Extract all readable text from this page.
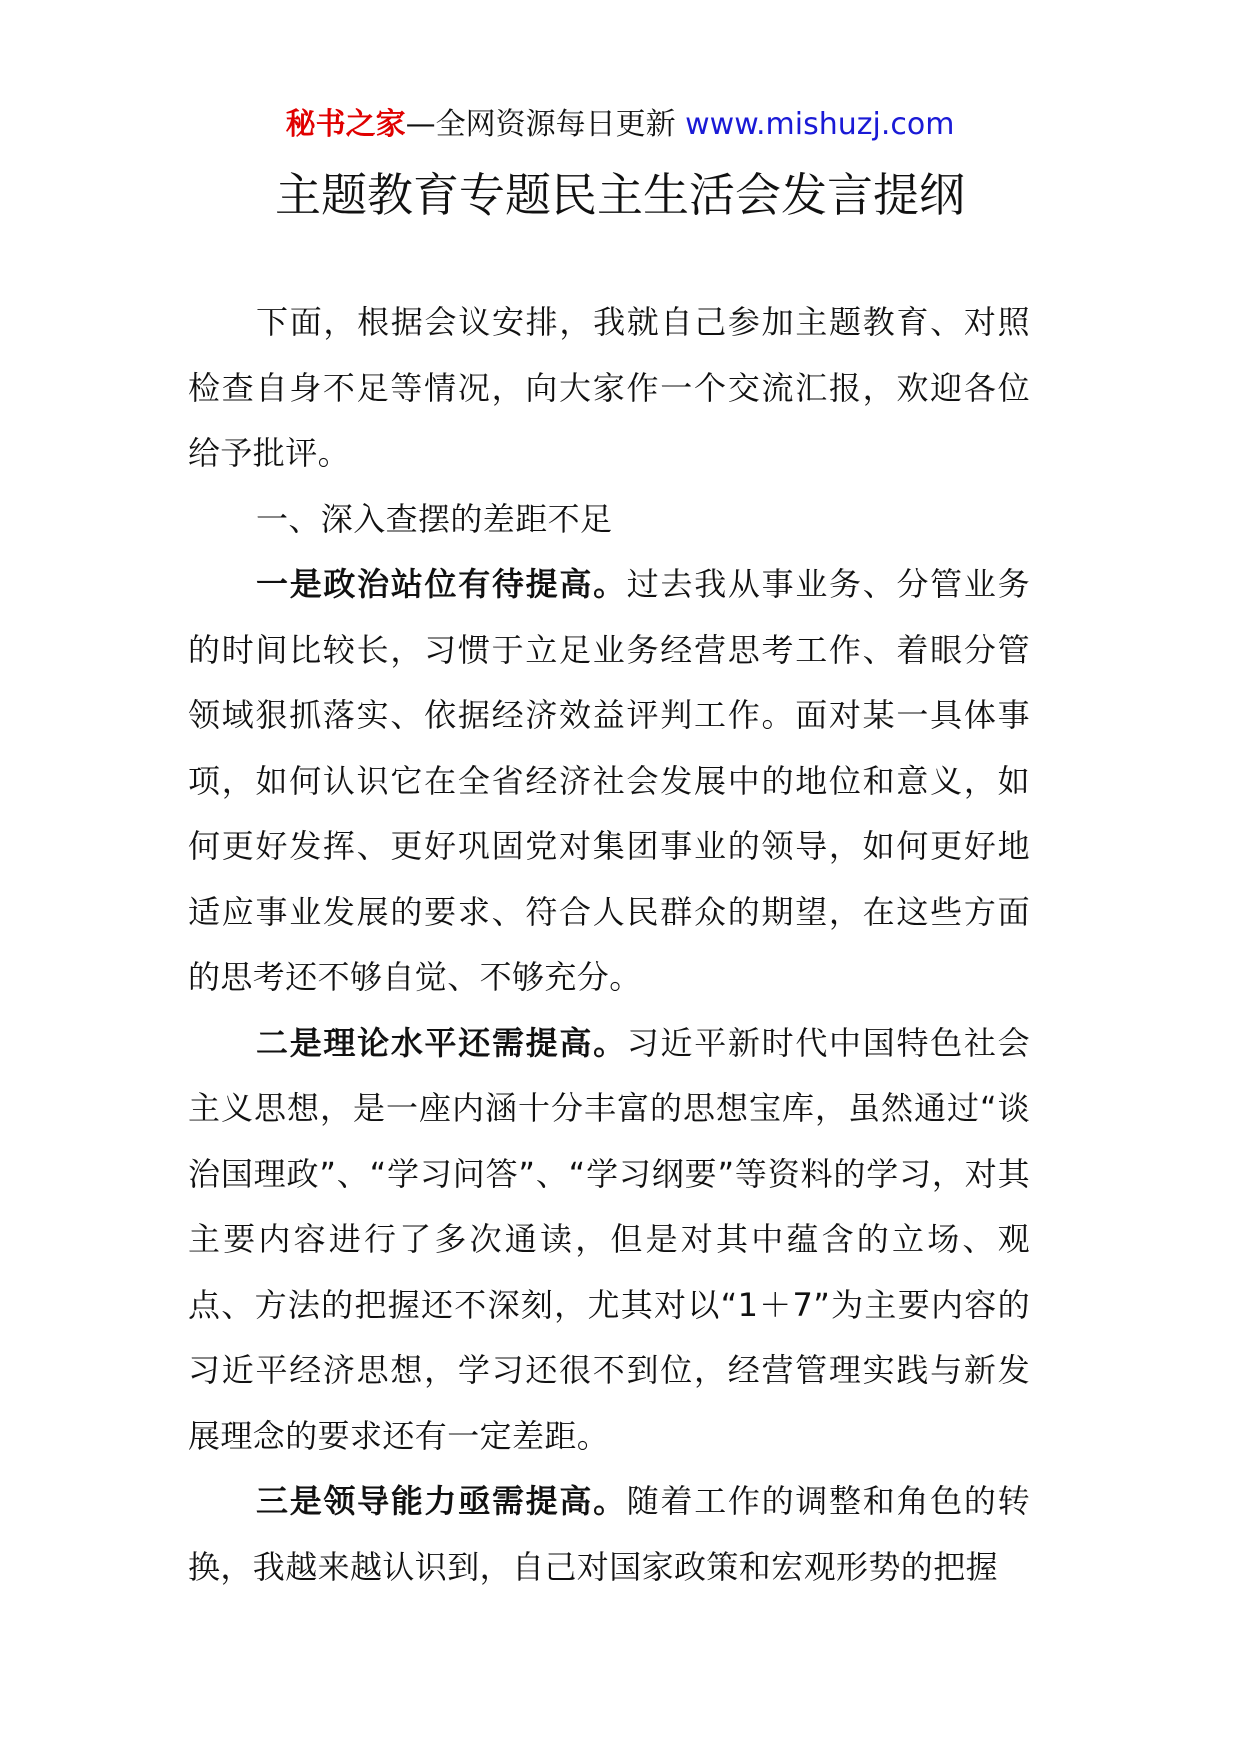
秘书之家—全网资源每日更新 www.mishuzj.com
主题教育专题民主生活会发言提纲

下面，根据会议安排，我就自己参加主题教育、对照检查自身不足等情况，向大家作一个交流汇报，欢迎各位给予批评。

一、深入查摆的差距不足

一是政治站位有待提高。过去我从事业务、分管业务的时间比较长，习惯于立足业务经营思考工作、着眼分管领域狠抓落实、依据经济效益评判工作。面对某一具体事项，如何认识它在全省经济社会发展中的地位和意义，如何更好发挥、更好巩固党对集团事业的领导，如何更好地适应事业发展的要求、符合人民群众的期望，在这些方面的思考还不够自觉、不够充分。

二是理论水平还需提高。习近平新时代中国特色社会主义思想，是一座内涵十分丰富的思想宝库，虽然通过“谈治国理政”、“学习问答”、“学习纲要”等资料的学习，对其主要内容进行了多次通读，但是对其中蕴含的立场、观点、方法的把握还不深刻，尤其对以“1＋7”为主要内容的习近平经济思想，学习还很不到位，经营管理实践与新发展理念的要求还有一定差距。

三是领导能力亟需提高。随着工作的调整和角色的转换，我越来越认识到，自己对国家政策和宏观形势的把握
